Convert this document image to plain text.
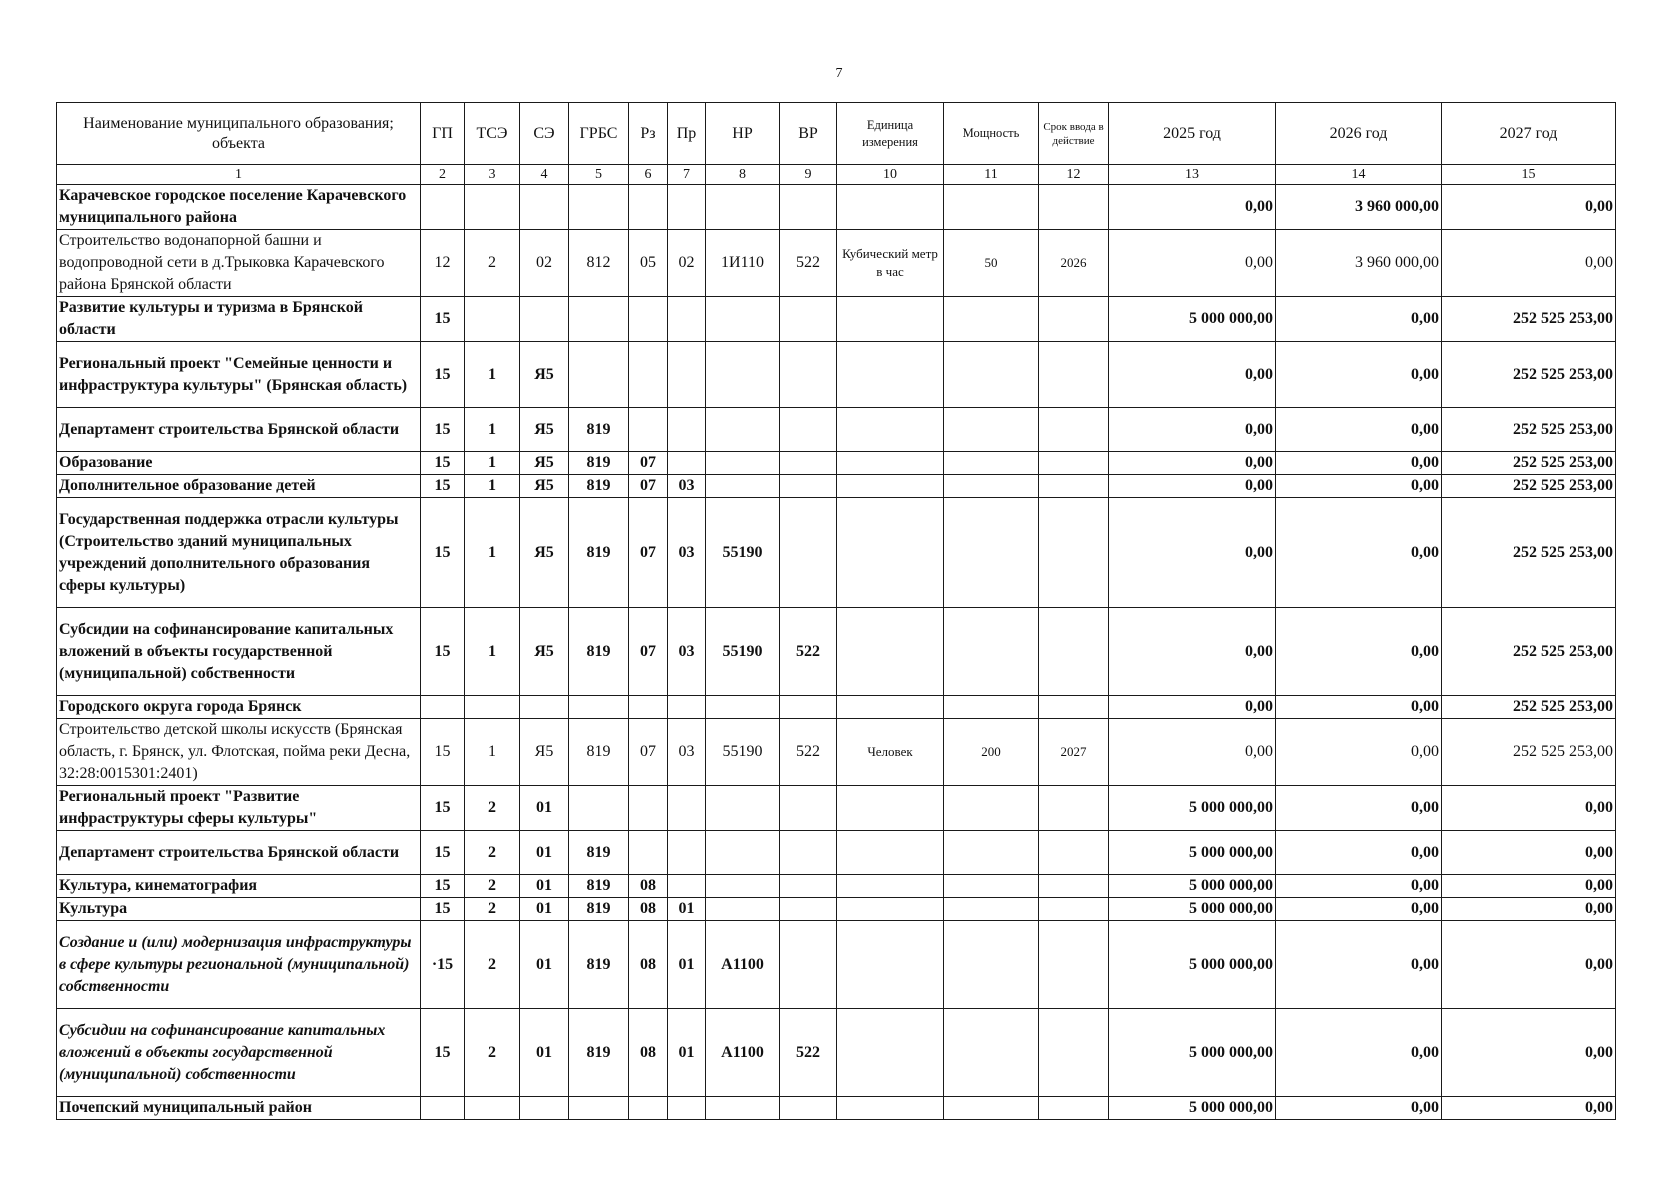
7
Наименование муниципального образования; объекта	ГП	ТСЭ	СЭ	ГРБС	Рз	Пр	НР	ВР	Единица измерения	Мощность	Срок ввода в действие	2025 год	2026 год	2027 год
1	2	3	4	5	6	7	8	9	10	11	12	13	14	15
Карачевское городское поселение Карачевского муниципального района												0,00	3 960 000,00	0,00
Строительство водонапорной башни и водопроводной сети в д.Трыковка Карачевского района Брянской области	12	2	02	812	05	02	1И110	522	Кубический метр в час	50	2026	0,00	3 960 000,00	0,00
Развитие культуры и туризма в Брянской области	15											5 000 000,00	0,00	252 525 253,00
Региональный проект "Семейные ценности и инфраструктура культуры" (Брянская область)	15	1	Я5									0,00	0,00	252 525 253,00
Департамент строительства Брянской области	15	1	Я5	819								0,00	0,00	252 525 253,00
Образование	15	1	Я5	819	07							0,00	0,00	252 525 253,00
Дополнительное образование детей	15	1	Я5	819	07	03						0,00	0,00	252 525 253,00
Государственная поддержка отрасли культуры (Строительство зданий муниципальных учреждений дополнительного образования сферы культуры)	15	1	Я5	819	07	03	55190					0,00	0,00	252 525 253,00
Субсидии на софинансирование капитальных вложений в объекты государственной (муниципальной) собственности	15	1	Я5	819	07	03	55190	522				0,00	0,00	252 525 253,00
Городского округа города Брянск												0,00	0,00	252 525 253,00
Строительство детской школы искусств (Брянская область, г. Брянск, ул. Флотская, пойма реки Десна, 32:28:0015301:2401)	15	1	Я5	819	07	03	55190	522	Человек	200	2027	0,00	0,00	252 525 253,00
Региональный проект "Развитие инфраструктуры сферы культуры"	15	2	01									5 000 000,00	0,00	0,00
Департамент строительства Брянской области	15	2	01	819								5 000 000,00	0,00	0,00
Культура, кинематография	15	2	01	819	08							5 000 000,00	0,00	0,00
Культура	15	2	01	819	08	01						5 000 000,00	0,00	0,00
Создание и (или) модернизация инфраструктуры в сфере культуры региональной (муниципальной) собственности	·15	2	01	819	08	01	А1100					5 000 000,00	0,00	0,00
Субсидии на софинансирование капитальных вложений в объекты государственной (муниципальной) собственности	15	2	01	819	08	01	А1100	522				5 000 000,00	0,00	0,00
Почепский муниципальный район												5 000 000,00	0,00	0,00
